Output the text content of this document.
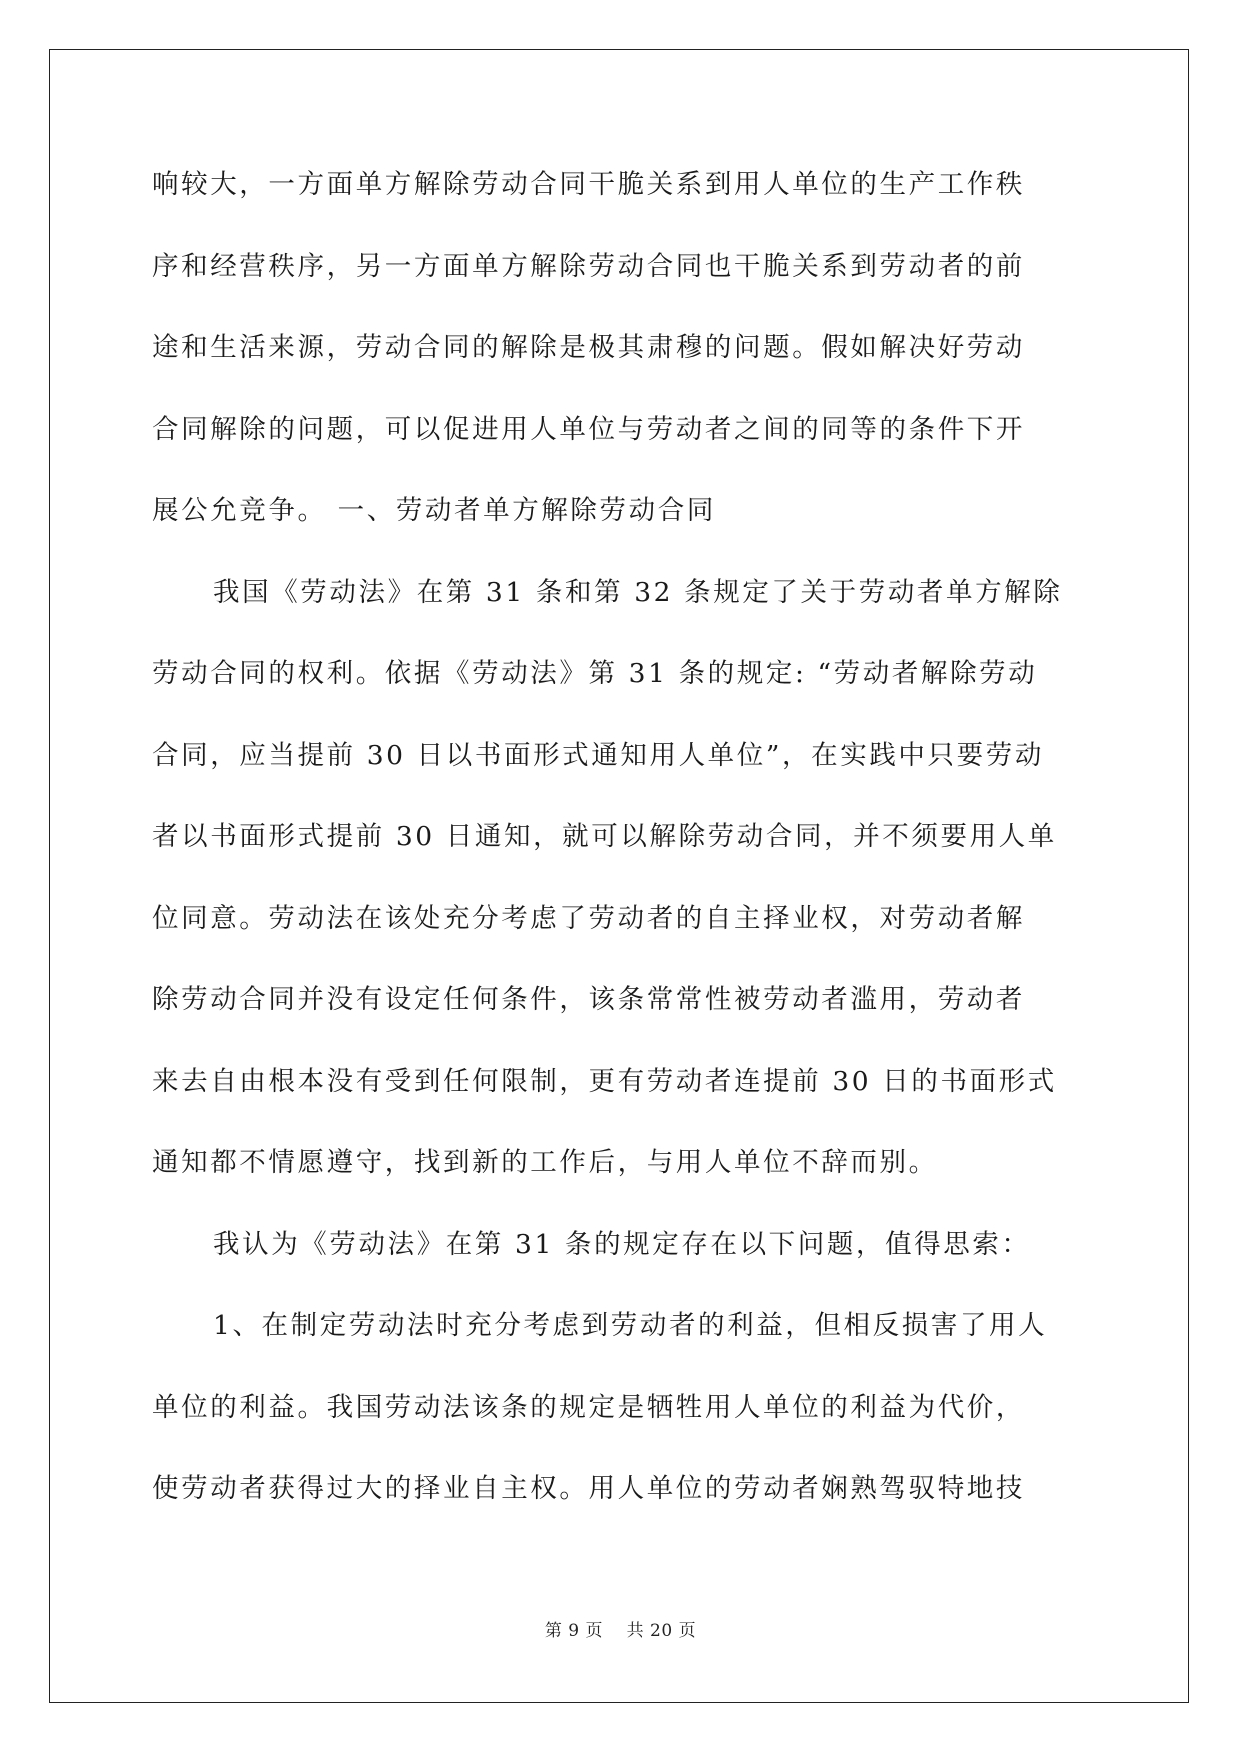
响较大，一方面单方解除劳动合同干脆关系到用人单位的生产工作秩
序和经营秩序，另一方面单方解除劳动合同也干脆关系到劳动者的前
途和生活来源，劳动合同的解除是极其肃穆的问题。假如解决好劳动
合同解除的问题，可以促进用人单位与劳动者之间的同等的条件下开
展公允竞争。 一、劳动者单方解除劳动合同
我国《劳动法》在第 31 条和第 32 条规定了关于劳动者单方解除
劳动合同的权利。依据《劳动法》第 31 条的规定: “劳动者解除劳动
合同，应当提前 30 日以书面形式通知用人单位”，在实践中只要劳动
者以书面形式提前 30 日通知，就可以解除劳动合同，并不须要用人单
位同意。劳动法在该处充分考虑了劳动者的自主择业权，对劳动者解
除劳动合同并没有设定任何条件，该条常常性被劳动者滥用，劳动者
来去自由根本没有受到任何限制，更有劳动者连提前 30 日的书面形式
通知都不情愿遵守，找到新的工作后，与用人单位不辞而别。
我认为《劳动法》在第 31 条的规定存在以下问题，值得思索：
1、在制定劳动法时充分考虑到劳动者的利益，但相反损害了用人
单位的利益。我国劳动法该条的规定是牺牲用人单位的利益为代价，
使劳动者获得过大的择业自主权。用人单位的劳动者娴熟驾驭特地技
第 9 页 共 20 页
